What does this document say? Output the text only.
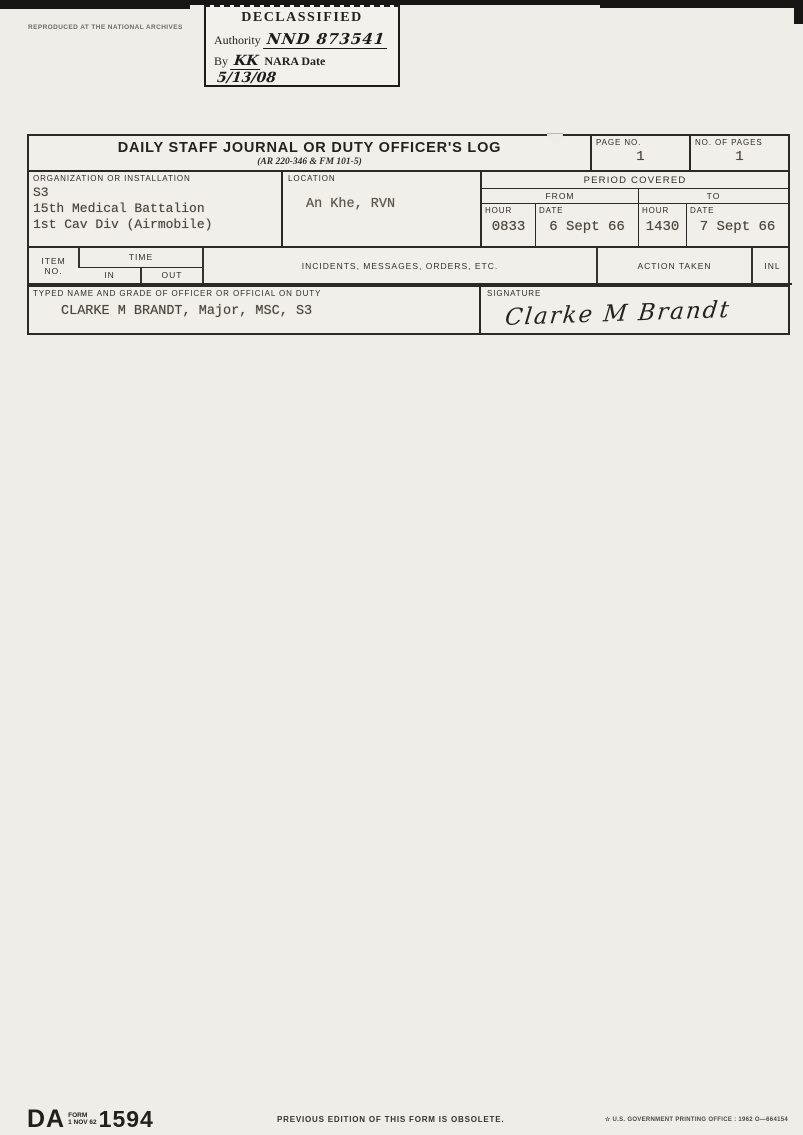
REPRODUCED AT THE NATIONAL ARCHIVES
DECLASSIFIED
Authority NND 873541
By KK NARA Date 5/13/08
DAILY STAFF JOURNAL OR DUTY OFFICER'S LOG
(AR 220-346 & FM 101-5)
PAGE NO.
1
NO. OF PAGES
1
ORGANIZATION OR INSTALLATION
S3
15th Medical Battalion
1st Cav Div (Airmobile)
LOCATION
An Khe, RVN
PERIOD COVERED
FROM	TO
HOUR
0833
DATE
6 Sept 66
HOUR
1430
DATE
7 Sept 66
ITEM
NO.	TIME		INCIDENTS, MESSAGES, ORDERS, ETC.	ACTION TAKEN	INL
	IN	OUT			
TYPED NAME AND GRADE OF OFFICER OR OFFICIAL ON DUTY
CLARKE M BRANDT, Major, MSC, S3
SIGNATURE
Clarke M Brandt
DA FORM
1 NOV 62 1594	PREVIOUS EDITION OF THIS FORM IS OBSOLETE.	☆ U.S. GOVERNMENT PRINTING OFFICE : 1962 O—664154
